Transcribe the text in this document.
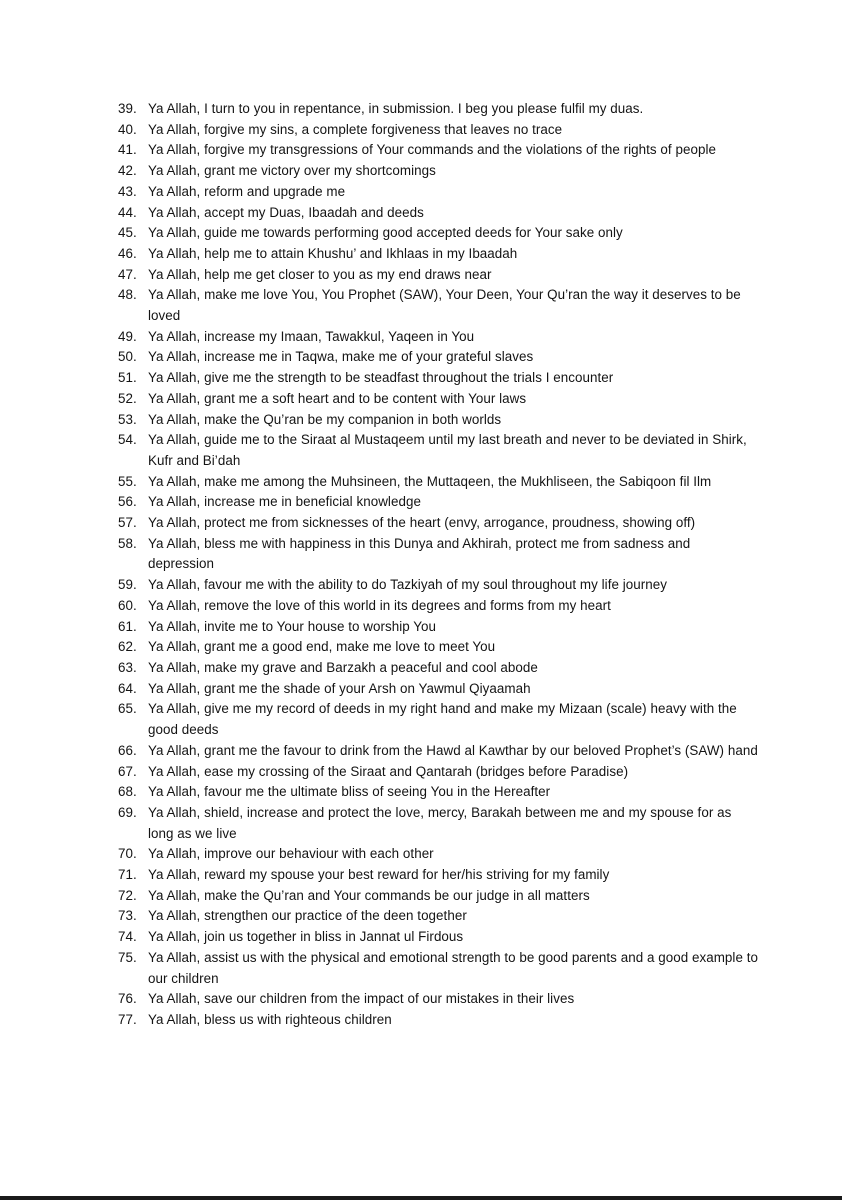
39. Ya Allah, I turn to you in repentance, in submission. I beg you please fulfil my duas.
40. Ya Allah, forgive my sins, a complete forgiveness that leaves no trace
41. Ya Allah, forgive my transgressions of Your commands and the violations of the rights of people
42. Ya Allah, grant me victory over my shortcomings
43. Ya Allah, reform and upgrade me
44. Ya Allah, accept my Duas, Ibaadah and deeds
45. Ya Allah, guide me towards performing good accepted deeds for Your sake only
46. Ya Allah, help me to attain Khushu’ and Ikhlaas in my Ibaadah
47. Ya Allah, help me get closer to you as my end draws near
48. Ya Allah, make me love You, You Prophet (SAW), Your Deen, Your Qu’ran the way it deserves to be loved
49. Ya Allah, increase my Imaan, Tawakkul, Yaqeen in You
50. Ya Allah, increase me in Taqwa, make me of your grateful slaves
51. Ya Allah, give me the strength to be steadfast throughout the trials I encounter
52. Ya Allah, grant me a soft heart and to be content with Your laws
53. Ya Allah, make the Qu’ran be my companion in both worlds
54. Ya Allah, guide me to the Siraat al Mustaqeem until my last breath and never to be deviated in Shirk, Kufr and Bi’dah
55. Ya Allah, make me among the Muhsineen, the Muttaqeen, the Mukhliseen, the Sabiqoon fil Ilm
56. Ya Allah, increase me in beneficial knowledge
57. Ya Allah, protect me from sicknesses of the heart (envy, arrogance, proudness, showing off)
58. Ya Allah, bless me with happiness in this Dunya and Akhirah, protect me from sadness and depression
59. Ya Allah, favour me with the ability to do Tazkiyah of my soul throughout my life journey
60. Ya Allah, remove the love of this world in its degrees and forms from my heart
61. Ya Allah, invite me to Your house to worship You
62. Ya Allah, grant me a good end, make me love to meet You
63. Ya Allah, make my grave and Barzakh a peaceful and cool abode
64. Ya Allah, grant me the shade of your Arsh on Yawmul Qiyaamah
65. Ya Allah, give me my record of deeds in my right hand and make my Mizaan (scale) heavy with the good deeds
66. Ya Allah, grant me the favour to drink from the Hawd al Kawthar by our beloved Prophet’s (SAW) hand
67. Ya Allah, ease my crossing of the Siraat and Qantarah (bridges before Paradise)
68. Ya Allah, favour me the ultimate bliss of seeing You in the Hereafter
69. Ya Allah, shield, increase and protect the love, mercy, Barakah between me and my spouse for as long as we live
70. Ya Allah, improve our behaviour with each other
71. Ya Allah, reward my spouse your best reward for her/his striving for my family
72. Ya Allah, make the Qu’ran and Your commands be our judge in all matters
73. Ya Allah, strengthen our practice of the deen together
74. Ya Allah, join us together in bliss in Jannat ul Firdous
75. Ya Allah, assist us with the physical and emotional strength to be good parents and a good example to our children
76. Ya Allah, save our children from the impact of our mistakes in their lives
77. Ya Allah, bless us with righteous children
